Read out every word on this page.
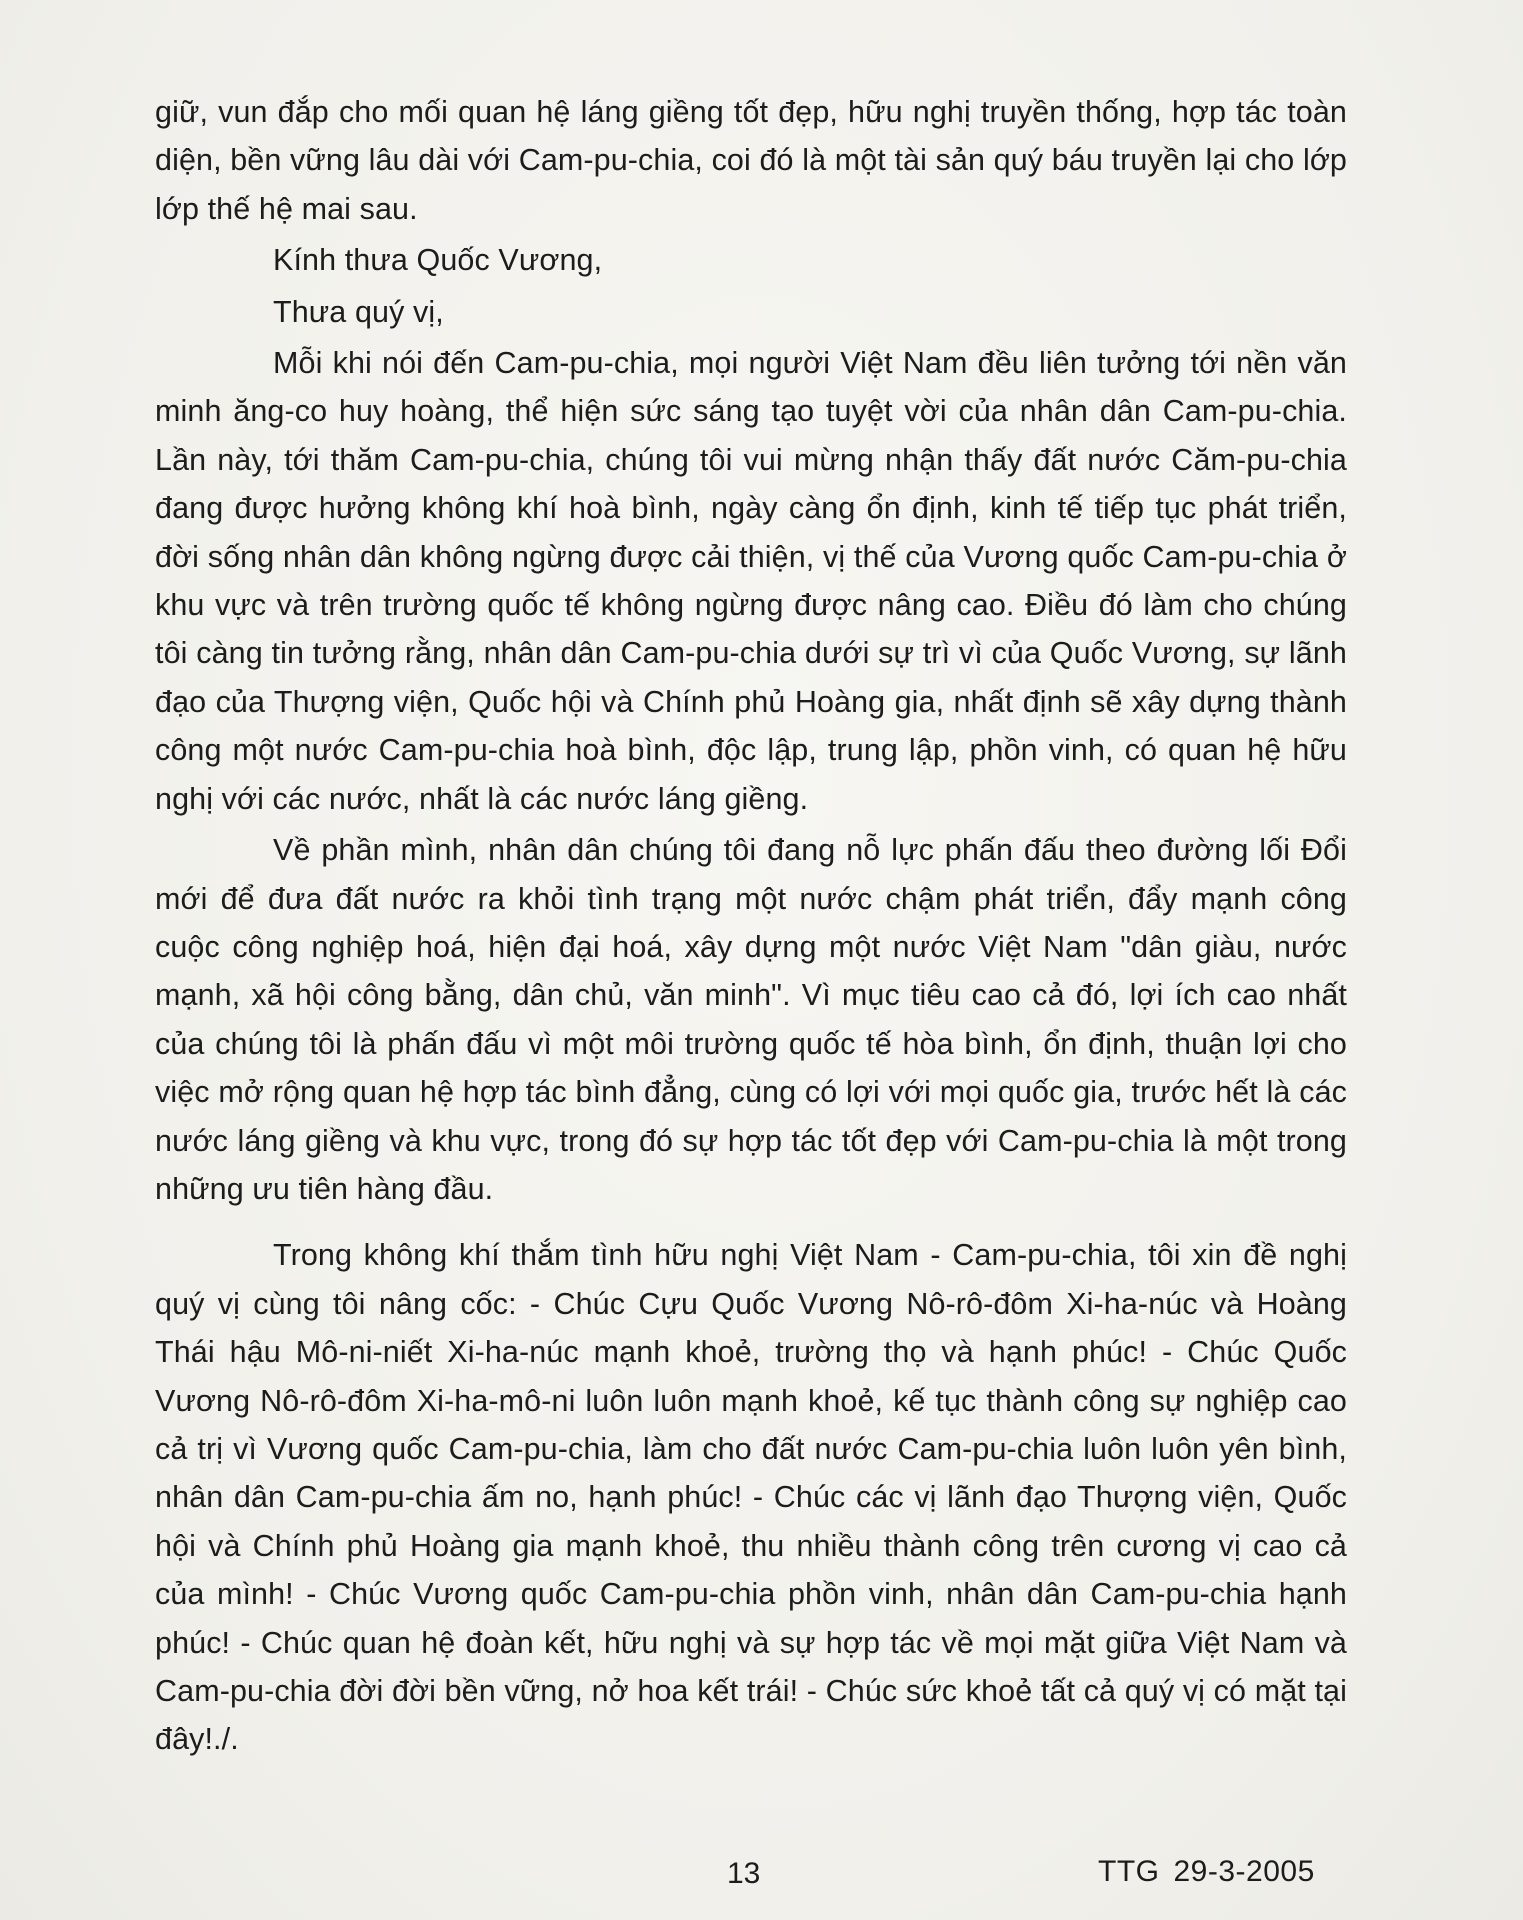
giữ, vun đắp cho mối quan hệ láng giềng tốt đẹp, hữu nghị truyền thống, hợp tác toàn diện, bền vững lâu dài với Cam-pu-chia, coi đó là một tài sản quý báu truyền lại cho lớp lớp thế hệ mai sau.

Kính thưa Quốc Vương,

Thưa quý vị,

Mỗi khi nói đến Cam-pu-chia, mọi người Việt Nam đều liên tưởng tới nền văn minh ăng-co huy hoàng, thể hiện sức sáng tạo tuyệt vời của nhân dân Cam-pu-chia. Lần này, tới thăm Cam-pu-chia, chúng tôi vui mừng nhận thấy đất nước Căm-pu-chia đang được hưởng không khí hoà bình, ngày càng ổn định, kinh tế tiếp tục phát triển, đời sống nhân dân không ngừng được cải thiện, vị thế của Vương quốc Cam-pu-chia ở khu vực và trên trường quốc tế không ngừng được nâng cao. Điều đó làm cho chúng tôi càng tin tưởng rằng, nhân dân Cam-pu-chia dưới sự trì vì của Quốc Vương, sự lãnh đạo của Thượng viện, Quốc hội và Chính phủ Hoàng gia, nhất định sẽ xây dựng thành công một nước Cam-pu-chia hoà bình, độc lập, trung lập, phồn vinh, có quan hệ hữu nghị với các nước, nhất là các nước láng giềng.

Về phần mình, nhân dân chúng tôi đang nỗ lực phấn đấu theo đường lối Đổi mới để đưa đất nước ra khỏi tình trạng một nước chậm phát triển, đẩy mạnh công cuộc công nghiệp hoá, hiện đại hoá, xây dựng một nước Việt Nam "dân giàu, nước mạnh, xã hội công bằng, dân chủ, văn minh". Vì mục tiêu cao cả đó, lợi ích cao nhất của chúng tôi là phấn đấu vì một môi trường quốc tế hòa bình, ổn định, thuận lợi cho việc mở rộng quan hệ hợp tác bình đẳng, cùng có lợi với mọi quốc gia, trước hết là các nước láng giềng và khu vực, trong đó sự hợp tác tốt đẹp với Cam-pu-chia là một trong những ưu tiên hàng đầu.

Trong không khí thắm tình hữu nghị Việt Nam - Cam-pu-chia, tôi xin đề nghị quý vị cùng tôi nâng cốc: - Chúc Cựu Quốc Vương Nô-rô-đôm Xi-ha-núc và Hoàng Thái hậu Mô-ni-niết Xi-ha-núc mạnh khoẻ, trường thọ và hạnh phúc! - Chúc Quốc Vương Nô-rô-đôm Xi-ha-mô-ni luôn luôn mạnh khoẻ, kế tục thành công sự nghiệp cao cả trị vì Vương quốc Cam-pu-chia, làm cho đất nước Cam-pu-chia luôn luôn yên bình, nhân dân Cam-pu-chia ấm no, hạnh phúc! - Chúc các vị lãnh đạo Thượng viện, Quốc hội và Chính phủ Hoàng gia mạnh khoẻ, thu nhiều thành công trên cương vị cao cả của mình! - Chúc Vương quốc Cam-pu-chia phồn vinh, nhân dân Cam-pu-chia hạnh phúc! - Chúc quan hệ đoàn kết, hữu nghị và sự hợp tác về mọi mặt giữa Việt Nam và Cam-pu-chia đời đời bền vững, nở hoa kết trái! - Chúc sức khoẻ tất cả quý vị có mặt tại đây!./.

13	TTG 29-3-2005
